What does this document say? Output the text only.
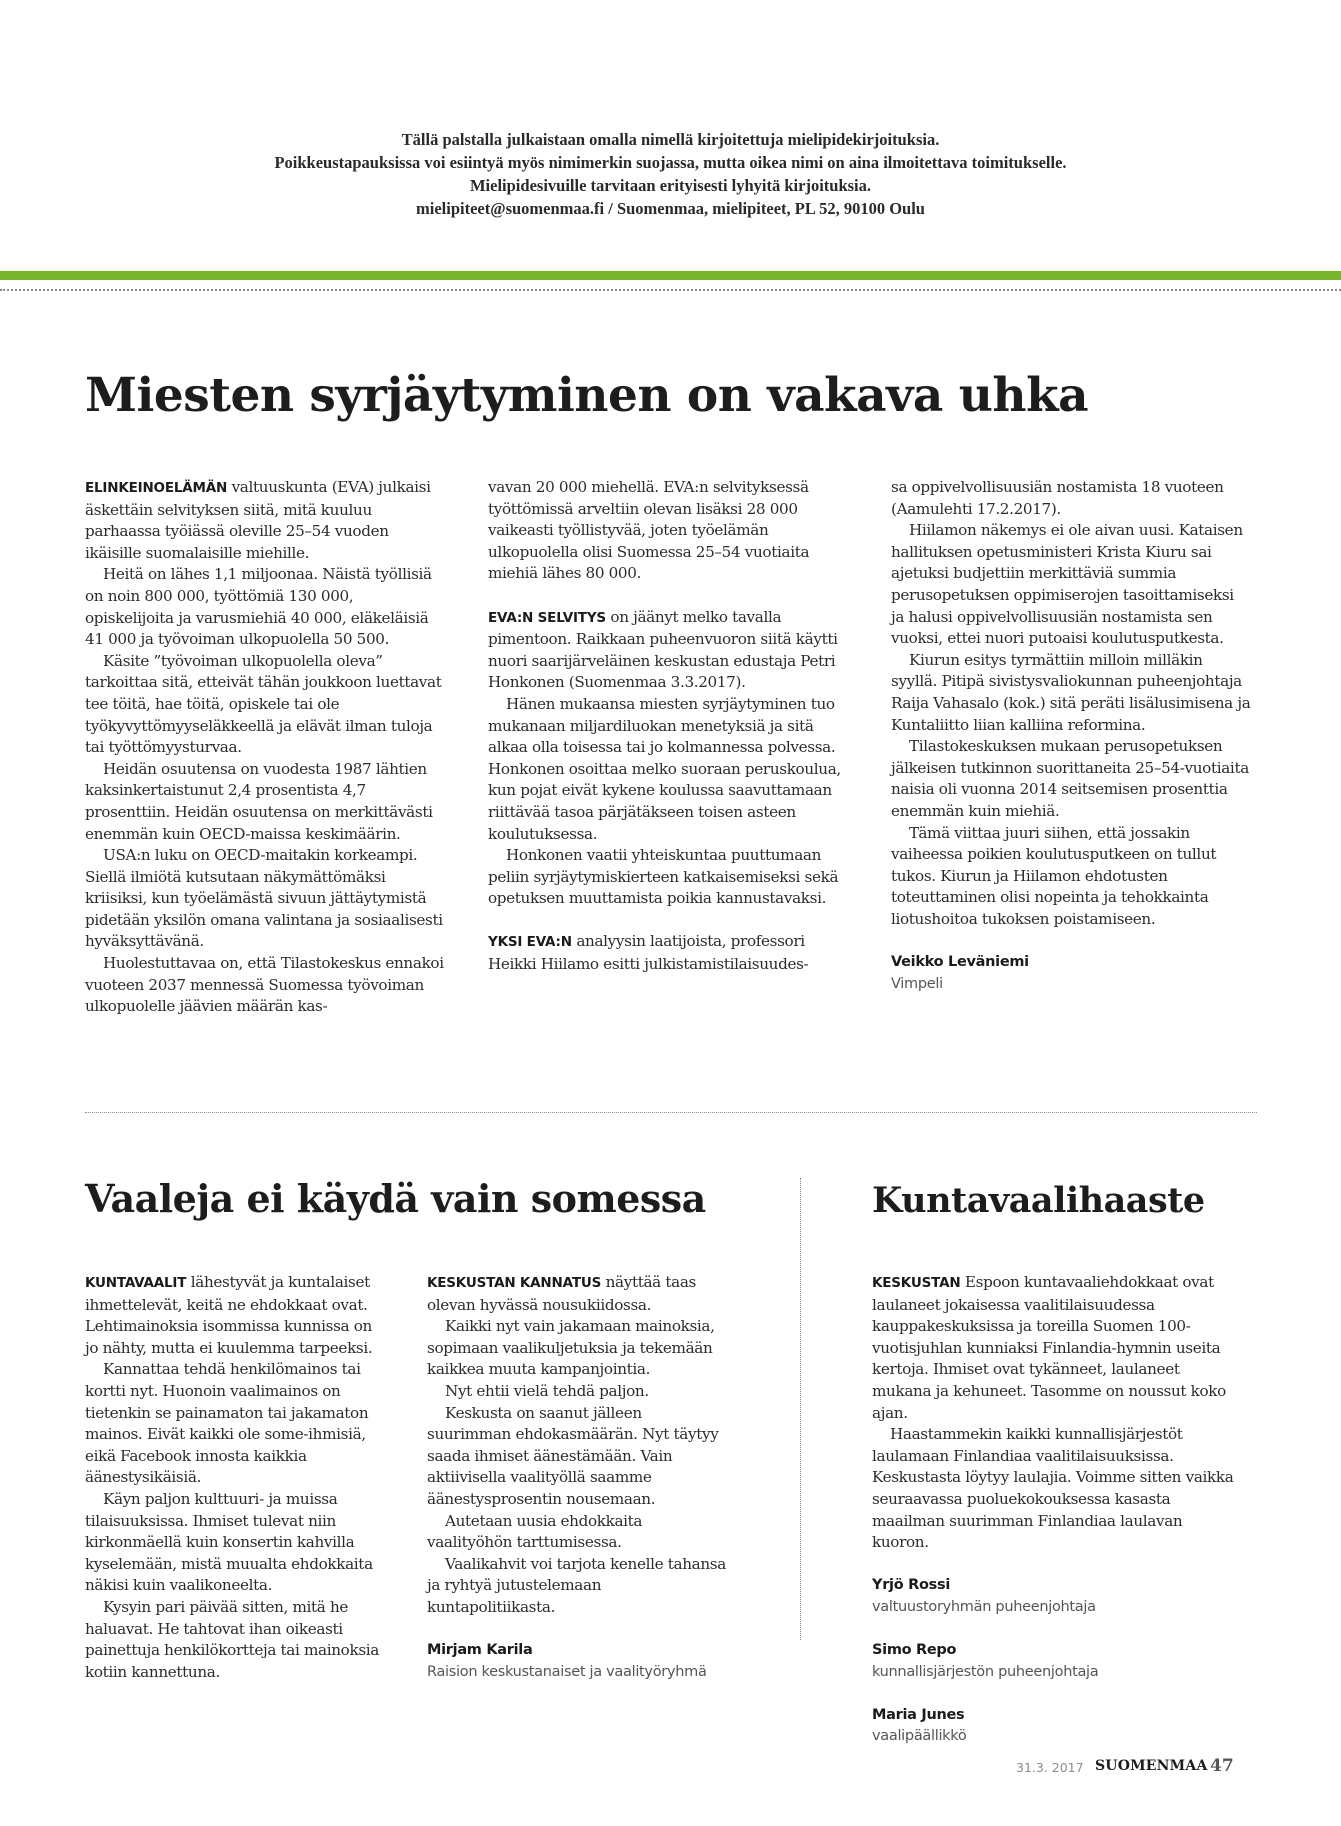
Tällä palstalla julkaistaan omalla nimellä kirjoitettuja mielipidekirjoituksia.
Poikkeustapauksissa voi esiintyä myös nimimerkin suojassa, mutta oikea nimi on aina ilmoitettava toimitukselle.
Mielipidesivuille tarvitaan erityisesti lyhyitä kirjoituksia.
mielipiteet@suomenmaa.fi / Suomenmaa, mielipiteet, PL 52, 90100 Oulu
Miesten syrjäytyminen on vakava uhka

ELINKEINOELÄMÄN valtuuskunta (EVA) julkaisi äskettäin selvityksen siitä, mitä kuuluu parhaassa työiässä oleville 25–54 vuoden ikäisille suomalaisille miehille.

Heitä on lähes 1,1 miljoonaa. Näistä työllisiä on noin 800 000, työttömiä 130 000, opiskelijoita ja varusmiehiä 40 000, eläkeläisiä 41 000 ja työvoiman ulkopuolella 50 500.

Käsite ”työvoiman ulkopuolella oleva” tarkoittaa sitä, etteivät tähän joukkoon luettavat tee töitä, hae töitä, opiskele tai ole työkyvyttömyyseläkkeellä ja elävät ilman tuloja tai työttömyysturvaa.

Heidän osuutensa on vuodesta 1987 lähtien kaksinkertaistunut 2,4 prosentista 4,7 prosenttiin. Heidän osuutensa on merkittävästi enemmän kuin OECD-maissa keskimäärin.

USA:n luku on OECD-maitakin korkeampi. Siellä ilmiötä kutsutaan näkymättömäksi kriisiksi, kun työelämästä sivuun jättäytymistä pidetään yksilön omana valintana ja sosiaalisesti hyväksyttävänä.

Huolestuttavaa on, että Tilastokeskus ennakoi vuoteen 2037 mennessä Suomessa työvoiman ulkopuolelle jäävien määrän kas-

vavan 20 000 miehellä. EVA:n selvityksessä työttömissä arveltiin olevan lisäksi 28 000 vaikeasti työllistyvää, joten työelämän ulkopuolella olisi Suomessa 25–54 vuotiaita miehiä lähes 80 000.

EVA:N SELVITYS on jäänyt melko tavalla pimentoon. Raikkaan puheenvuoron siitä käytti nuori saarijärveläinen keskustan edustaja Petri Honkonen (Suomenmaa 3.3.2017).

Hänen mukaansa miesten syrjäytyminen tuo mukanaan miljardiluokan menetyksiä ja sitä alkaa olla toisessa tai jo kolmannessa polvessa. Honkonen osoittaa melko suoraan peruskoulua, kun pojat eivät kykene koulussa saavuttamaan riittävää tasoa pärjätäkseen toisen asteen koulutuksessa.

Honkonen vaatii yhteiskuntaa puuttumaan peliin syrjäytymiskierteen katkaisemiseksi sekä opetuksen muuttamista poikia kannustavaksi.

YKSI EVA:N analyysin laatijoista, professori Heikki Hiilamo esitti julkistamistilaisuudes-

sa oppivelvollisuusiän nostamista 18 vuoteen (Aamulehti 17.2.2017).

Hiilamon näkemys ei ole aivan uusi. Kataisen hallituksen opetusministeri Krista Kiuru sai ajetuksi budjettiin merkittäviä summia perusopetuksen oppimiserojen tasoittamiseksi ja halusi oppivelvollisuusiän nostamista sen vuoksi, ettei nuori putoaisi koulutusputkesta.

Kiurun esitys tyrmättiin milloin milläkin syyllä. Pitipä sivistysvaliokunnan puheenjohtaja Raija Vahasalo (kok.) sitä peräti lisälusimisena ja Kuntaliitto liian kalliina reformina.

Tilastokeskuksen mukaan perusopetuksen jälkeisen tutkinnon suorittaneita 25–54-vuotiaita naisia oli vuonna 2014 seitsemisen prosenttia enemmän kuin miehiä.

Tämä viittaa juuri siihen, että jossakin vaiheessa poikien koulutusputkeen on tullut tukos. Kiurun ja Hiilamon ehdotusten toteuttaminen olisi nopeinta ja tehokkainta liotushoitoa tukoksen poistamiseen.

Veikko Leväniemi
Vimpeli
Vaaleja ei käydä vain somessa

KUNTAVAALIT lähestyvät ja kuntalaiset ihmettelevät, keitä ne ehdokkaat ovat. Lehtimainoksia isommissa kunnissa on jo nähty, mutta ei kuulemma tarpeeksi.

Kannattaa tehdä henkilömainos tai kortti nyt. Huonoin vaalimainos on tietenkin se painamaton tai jakamaton mainos. Eivät kaikki ole some-ihmisiä, eikä Facebook innosta kaikkia äänestysikäisiä.

Käyn paljon kulttuuri- ja muissa tilaisuuksissa. Ihmiset tulevat niin kirkonmäellä kuin konsertin kahvilla kyselemään, mistä muualta ehdokkaita näkisi kuin vaalikoneelta.

Kysyin pari päivää sitten, mitä he haluavat. He tahtovat ihan oikeasti painettuja henkilökortteja tai mainoksia kotiin kannettuna.

KESKUSTAN KANNATUS näyttää taas olevan hyvässä nousukiidossa.

Kaikki nyt vain jakamaan mainoksia, sopimaan vaalikuljetuksia ja tekemään kaikkea muuta kampanjointia.

Nyt ehtii vielä tehdä paljon.

Keskusta on saanut jälleen suurimman ehdokasmäärän. Nyt täytyy saada ihmiset äänestämään. Vain aktiivisella vaalityöllä saamme äänestysprosentin nousemaan.

Autetaan uusia ehdokkaita vaalityöhön tarttumisessa.

Vaalikahvit voi tarjota kenelle tahansa ja ryhtyä jutustelemaan kuntapolitiikasta.

Mirjam Karila
Raision keskustanaiset ja vaalityöryhmä
Kuntavaalihaaste

KESKUSTAN Espoon kuntavaaliehdokkaat ovat laulaneet jokaisessa vaalitilaisuudessa kauppakeskuksissa ja toreilla Suomen 100-vuotisjuhlan kunniaksi Finlandia-hymnin useita kertoja. Ihmiset ovat tykänneet, laulaneet mukana ja kehuneet. Tasomme on noussut koko ajan.

Haastammekin kaikki kunnallisjärjestöt laulamaan Finlandiaa vaalitilaisuuksissa. Keskustasta löytyy laulajia. Voimme sitten vaikka seuraavassa puoluekokouksessa kasasta maailman suurimman Finlandiaa laulavan kuoron.

Yrjö Rossi
valtuustoryhmän puheenjohtaja
Simo Repo
kunnallisjärjestön puheenjohtaja
Maria Junes
vaalipäällikkö
31.3. 2017 SUOMENMAA 47
